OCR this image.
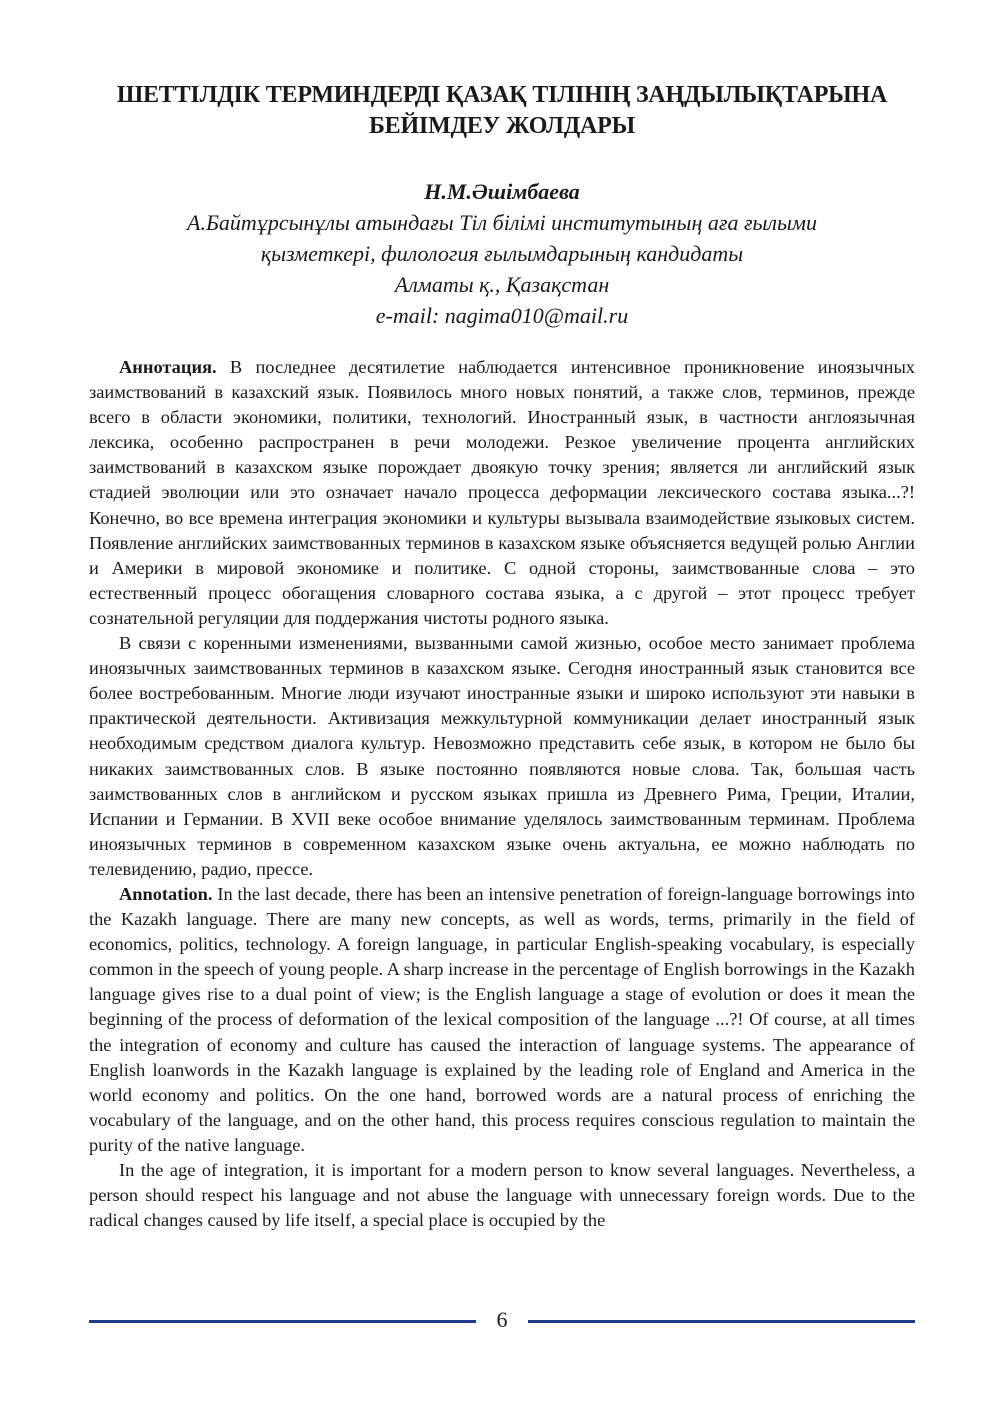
ШЕТТІЛДІК ТЕРМИНДЕРДІ ҚАЗАҚ ТІЛІНІҢ ЗАҢДЫЛЫҚТАРЫНА
БЕЙІМДЕУ ЖОЛДАРЫ
Н.М.Әшімбаева
А.Байтұрсынұлы атындағы Тіл білімі институтының аға ғылыми
қызметкері, филология ғылымдарының кандидаты
Алматы қ., Қазақстан
e-mail: nagima010@mail.ru

Аннотация. В последнее десятилетие наблюдается интенсивное проникновение иноязычных заимствований в казахский язык. Появилось много новых понятий, а также слов, терминов, прежде всего в области экономики, политики, технологий. Иностранный язык, в частности англоязычная лексика, особенно распространен в речи молодежи. Резкое увеличение процента английских заимствований в казахском языке порождает двоякую точку зрения; является ли английский язык стадией эволюции или это означает начало процесса деформации лексического состава языка...?! Конечно, во все времена интеграция экономики и культуры вызывала взаимодействие языковых систем. Появление английских заимствованных терминов в казахском языке объясняется ведущей ролью Англии и Америки в мировой экономике и политике. С одной стороны, заимствованные слова – это естественный процесс обогащения словарного состава языка, а с другой – этот процесс требует сознательной регуляции для поддержания чистоты родного языка.

В связи с коренными изменениями, вызванными самой жизнью, особое место занимает проблема иноязычных заимствованных терминов в казахском языке. Сегодня иностранный язык становится все более востребованным. Многие люди изучают иностранные языки и широко используют эти навыки в практической деятельности. Активизация межкультурной коммуникации делает иностранный язык необходимым средством диалога культур. Невозможно представить себе язык, в котором не было бы никаких заимствованных слов. В языке постоянно появляются новые слова. Так, большая часть заимствованных слов в английском и русском языках пришла из Древнего Рима, Греции, Италии, Испании и Германии. В XVII веке особое внимание уделялось заимствованным терминам. Проблема иноязычных терминов в современном казахском языке очень актуальна, ее можно наблюдать по телевидению, радио, прессе.

Annotation. In the last decade, there has been an intensive penetration of foreign-language borrowings into the Kazakh language. There are many new concepts, as well as words, terms, primarily in the field of economics, politics, technology. A foreign language, in particular English-speaking vocabulary, is especially common in the speech of young people. A sharp increase in the percentage of English borrowings in the Kazakh language gives rise to a dual point of view; is the English language a stage of evolution or does it mean the beginning of the process of deformation of the lexical composition of the language ...?! Of course, at all times the integration of economy and culture has caused the interaction of language systems. The appearance of English loanwords in the Kazakh language is explained by the leading role of England and America in the world economy and politics. On the one hand, borrowed words are a natural process of enriching the vocabulary of the language, and on the other hand, this process requires conscious regulation to maintain the purity of the native language.

In the age of integration, it is important for a modern person to know several languages. Nevertheless, a person should respect his language and not abuse the language with unnecessary foreign words. Due to the radical changes caused by life itself, a special place is occupied by the

6
